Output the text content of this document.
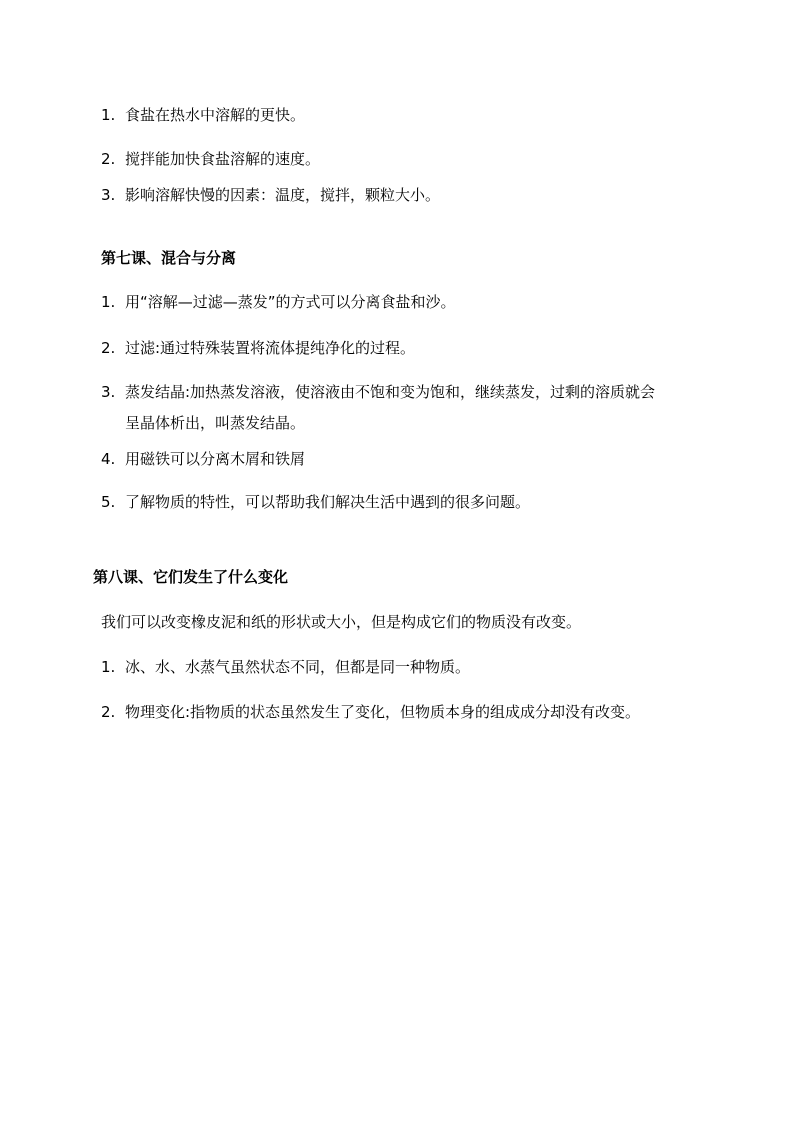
1. 食盐在热水中溶解的更快。
2. 搅拌能加快食盐溶解的速度。
3. 影响溶解快慢的因素：温度，搅拌，颗粒大小。
第七课、混合与分离
1. 用“溶解—过滤—蒸发”的方式可以分离食盐和沙。
2. 过滤:通过特殊装置将流体提纯净化的过程。
3. 蒸发结晶:加热蒸发溶液，使溶液由不饱和变为饱和，继续蒸发，过剩的溶质就会
呈晶体析出，叫蒸发结晶。
4. 用磁铁可以分离木屑和铁屑
5. 了解物质的特性，可以帮助我们解决生活中遇到的很多问题。
第八课、它们发生了什么变化
我们可以改变橡皮泥和纸的形状或大小，但是构成它们的物质没有改变。
1. 冰、水、水蒸气虽然状态不同，但都是同一种物质。
2. 物理变化:指物质的状态虽然发生了变化，但物质本身的组成成分却没有改变。
